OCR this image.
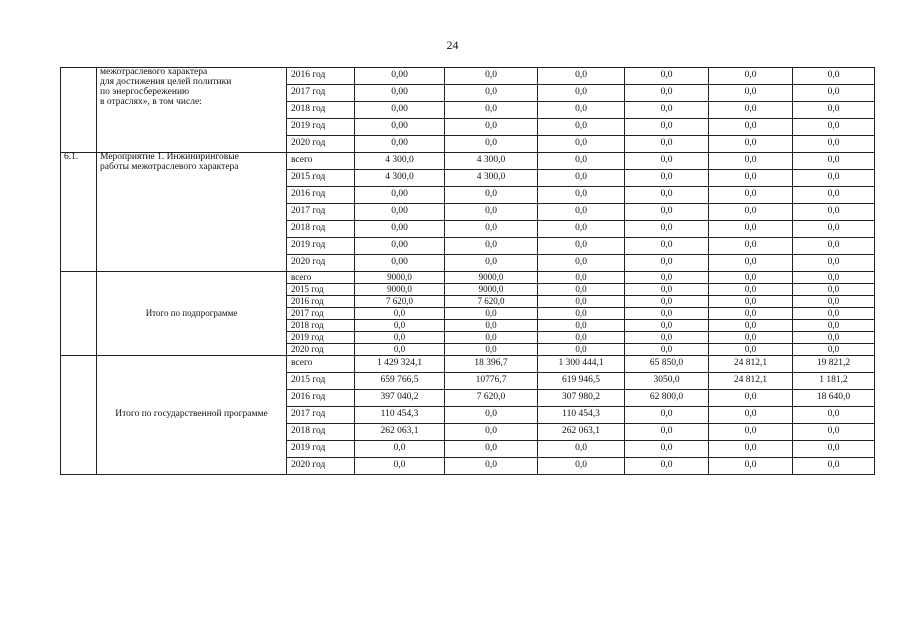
24

	межотраслевого характера
для достижения целей политики
по энергосбережению
в отраслях», в том числе:	2016 год	0,00	0,0	0,0	0,0	0,0	0,0
		2017 год	0,00	0,0	0,0	0,0	0,0	0,0
		2018 год	0,00	0,0	0,0	0,0	0,0	0,0
		2019 год	0,00	0,0	0,0	0,0	0,0	0,0
		2020 год	0,00	0,0	0,0	0,0	0,0	0,0
6.1.	Мероприятие 1. Инжиниринговые
работы межотраслевого характера	всего	4 300,0	4 300,0	0,0	0,0	0,0	0,0
		2015 год	4 300,0	4 300,0	0,0	0,0	0,0	0,0
		2016 год	0,00	0,0	0,0	0,0	0,0	0,0
		2017 год	0,00	0,0	0,0	0,0	0,0	0,0
		2018 год	0,00	0,0	0,0	0,0	0,0	0,0
		2019 год	0,00	0,0	0,0	0,0	0,0	0,0
		2020 год	0,00	0,0	0,0	0,0	0,0	0,0

	Итого по подпрограмме	всего	9000,0	9000,0	0,0	0,0	0,0	0,0
		2015 год	9000,0	9000,0	0,0	0,0	0,0	0,0
		2016 год	7 620,0	7 620,0	0,0	0,0	0,0	0,0
		2017 год	0,0	0,0	0,0	0,0	0,0	0,0
		2018 год	0,0	0,0	0,0	0,0	0,0	0,0
		2019 год	0,0	0,0	0,0	0,0	0,0	0,0
		2020 год	0,0	0,0	0,0	0,0	0,0	0,0

	Итого по государственной программе	всего	1 429 324,1	18 396,7	1 300 444,1	65 850,0	24 812,1	19 821,2
		2015 год	659 766,5	10776,7	619 946,5	3050,0	24 812,1	1 181,2
		2016 год	397 040,2	7 620,0	307 980,2	62 800,0	0,0	18 640,0
		2017 год	110 454,3	0,0	110 454,3	0,0	0,0	0,0
		2018 год	262 063,1	0,0	262 063,1	0,0	0,0	0,0
		2019 год	0,0	0,0	0,0	0,0	0,0	0,0
		2020 год	0,0	0,0	0,0	0,0	0,0	0,0
